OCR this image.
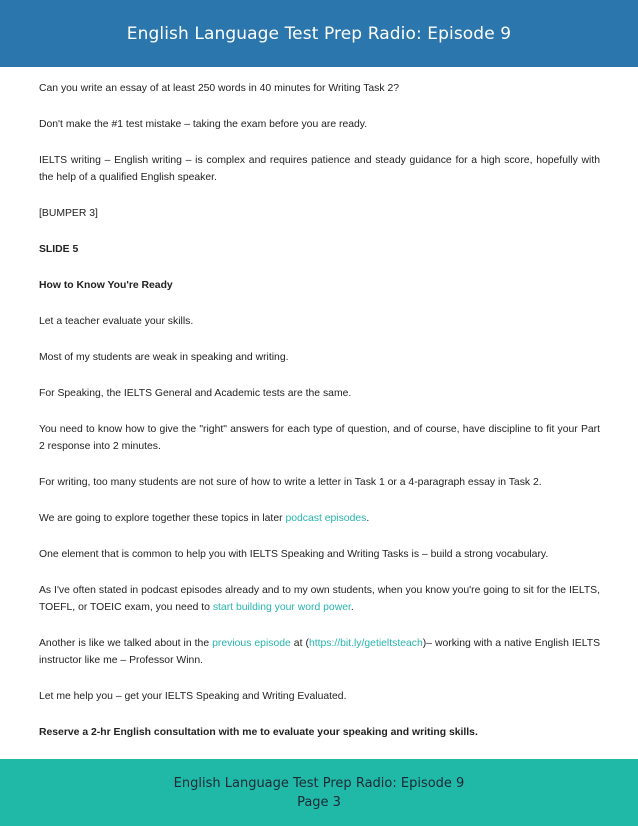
English Language Test Prep Radio: Episode 9

Can you write an essay of at least 250 words in 40 minutes for Writing Task 2?

Don't make the #1 test mistake – taking the exam before you are ready.

IELTS writing – English writing – is complex and requires patience and steady guidance for a high score, hopefully with the help of a qualified English speaker.

[BUMPER 3]

SLIDE 5

How to Know You're Ready

Let a teacher evaluate your skills.

Most of my students are weak in speaking and writing.

For Speaking, the IELTS General and Academic tests are the same.

You need to know how to give the "right" answers for each type of question, and of course, have discipline to fit your Part 2 response into 2 minutes.

For writing, too many students are not sure of how to write a letter in Task 1 or a 4-paragraph essay in Task 2.

We are going to explore together these topics in later podcast episodes.

One element that is common to help you with IELTS Speaking and Writing Tasks is – build a strong vocabulary.

As I've often stated in podcast episodes already and to my own students, when you know you're going to sit for the IELTS, TOEFL, or TOEIC exam, you need to start building your word power.

Another is like we talked about in the previous episode at (https://bit.ly/getieltsteach)– working with a native English IELTS instructor like me – Professor Winn.

Let me help you – get your IELTS Speaking and Writing Evaluated.

Reserve a 2-hr English consultation with me to evaluate your speaking and writing skills.

English Language Test Prep Radio: Episode 9
Page 3
